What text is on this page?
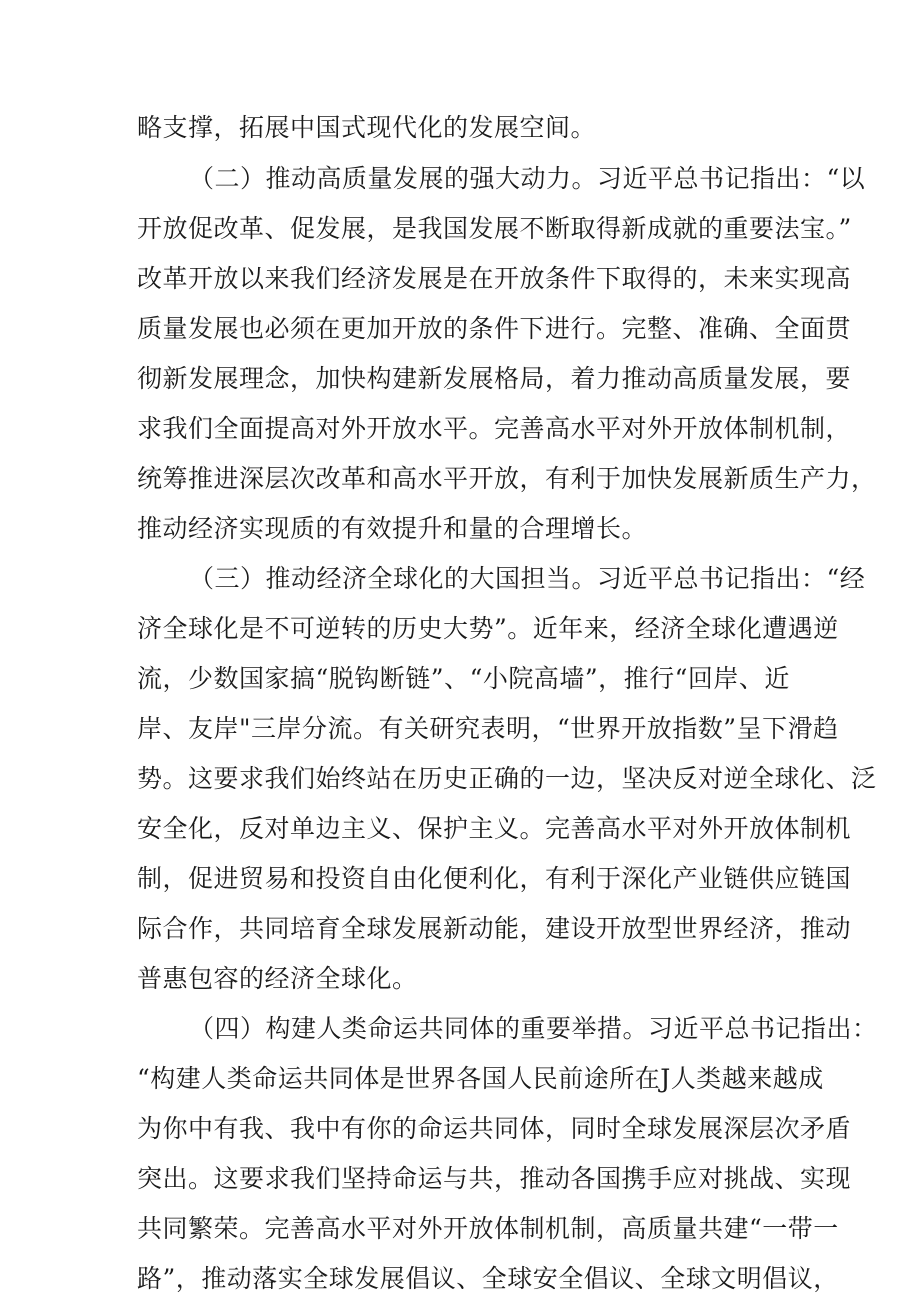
略支撑，拓展中国式现代化的发展空间。
（二）推动高质量发展的强大动力。习近平总书记指出：“以
开放促改革、促发展，是我国发展不断取得新成就的重要法宝。”
改革开放以来我们经济发展是在开放条件下取得的，未来实现高
质量发展也必须在更加开放的条件下进行。完整、准确、全面贯
彻新发展理念，加快构建新发展格局，着力推动高质量发展，要
求我们全面提高对外开放水平。完善高水平对外开放体制机制，
统筹推进深层次改革和高水平开放，有利于加快发展新质生产力，
推动经济实现质的有效提升和量的合理增长。
（三）推动经济全球化的大国担当。习近平总书记指出：“经
济全球化是不可逆转的历史大势”。近年来，经济全球化遭遇逆
流，少数国家搞“脱钩断链”、“小院高墙”，推行“回岸、近
岸、友岸"三岸分流。有关研究表明，“世界开放指数”呈下滑趋
势。这要求我们始终站在历史正确的一边，坚决反对逆全球化、泛
安全化，反对单边主义、保护主义。完善高水平对外开放体制机
制，促进贸易和投资自由化便利化，有利于深化产业链供应链国
际合作，共同培育全球发展新动能，建设开放型世界经济，推动
普惠包容的经济全球化。
（四）构建人类命运共同体的重要举措。习近平总书记指出：
“构建人类命运共同体是世界各国人民前途所在J人类越来越成
为你中有我、我中有你的命运共同体，同时全球发展深层次矛盾
突出。这要求我们坚持命运与共，推动各国携手应对挑战、实现
共同繁荣。完善高水平对外开放体制机制，高质量共建“一带一
路”，推动落实全球发展倡议、全球安全倡议、全球文明倡议，
